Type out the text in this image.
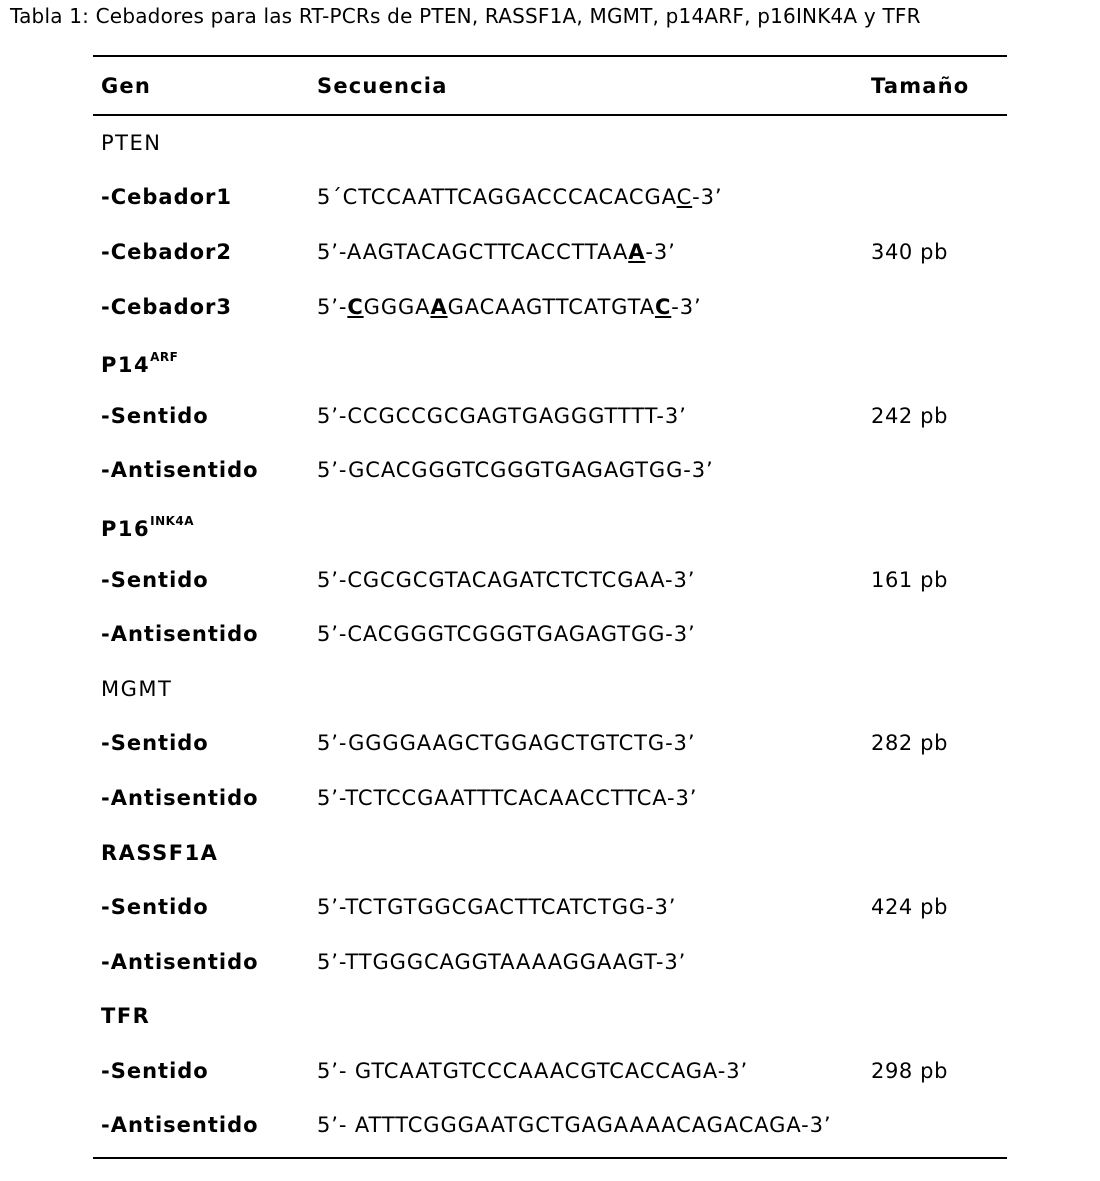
Tabla 1: Cebadores para las RT-PCRs de PTEN, RASSF1A, MGMT, p14ARF, p16INK4A y TFR
Gen	Secuencia	Tamaño
PTEN
-Cebador1	5´CTCCAATTCAGGACCCACACGAC-3’
-Cebador2	5’-AAGTACAGCTTCACCTTAAA-3’	340 pb
-Cebador3	5’-CGGGAAGACAAGTTCATGTAC-3’
$P14^{ARF}$
-Sentido	5’-CCGCCGCGAGTGAGGGTTTT-3’	242 pb
-Antisentido	5’-GCACGGGTCGGGTGAGAGTGG-3’
$P16^{INK4A}$
-Sentido	5’-CGCGCGTACAGATCTCTCGAA-3’	161 pb
-Antisentido	5’-CACGGGTCGGGTGAGAGTGG-3’
MGMT
-Sentido	5’-GGGGAAGCTGGAGCTGTCTG-3’	282 pb
-Antisentido	5’-TCTCCGAATTTCACAACCTTCA-3’
RASSF1A
-Sentido	5’-TCTGTGGCGACTTCATCTGG-3’	424 pb
-Antisentido	5’-TTGGGCAGGTAAAAGGAAGT-3’
TFR
-Sentido	5’- GTCAATGTCCCAAACGTCACCAGA-3’	298 pb
-Antisentido	5’- ATTTCGGGAATGCTGAGAAAACAGACAGA-3’
